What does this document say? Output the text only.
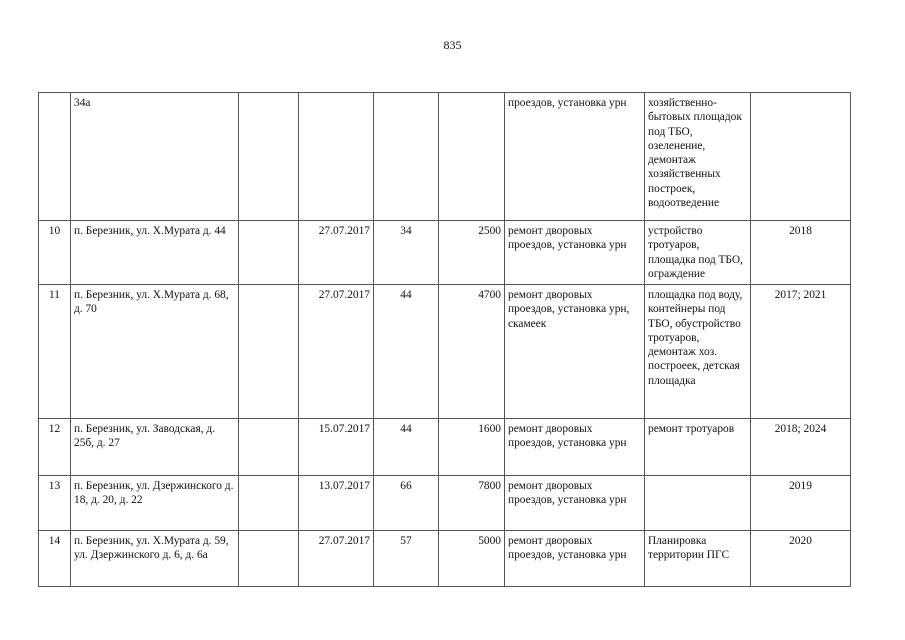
835
	34а					проездов, установка урн	хозяйственно-бытовых площадок под ТБО, озеленение, демонтаж хозяйственных построек, водоотведение	
10	п. Березник, ул. Х.Мурата д. 44		27.07.2017	34	2500	ремонт дворовых проездов, установка урн	устройство тротуаров, площадка под ТБО, ограждение	2018
11	п. Березник, ул. Х.Мурата д. 68, д. 70		27.07.2017	44	4700	ремонт дворовых проездов, установка урн, скамеек	площадка под воду, контейнеры под ТБО, обустройство тротуаров, демонтаж хоз. построеек, детская площадка	2017; 2021
12	п. Березник, ул. Заводская, д. 25б, д. 27		15.07.2017	44	1600	ремонт дворовых проездов, установка урн	ремонт тротуаров	2018; 2024
13	п. Березник, ул. Дзержинского д. 18, д. 20, д. 22		13.07.2017	66	7800	ремонт дворовых проездов, установка урн		2019
14	п. Березник, ул. Х.Мурата д. 59, ул. Дзержинского д. 6, д. 6а		27.07.2017	57	5000	ремонт дворовых проездов, установка урн	Планировка территории ПГС	2020
